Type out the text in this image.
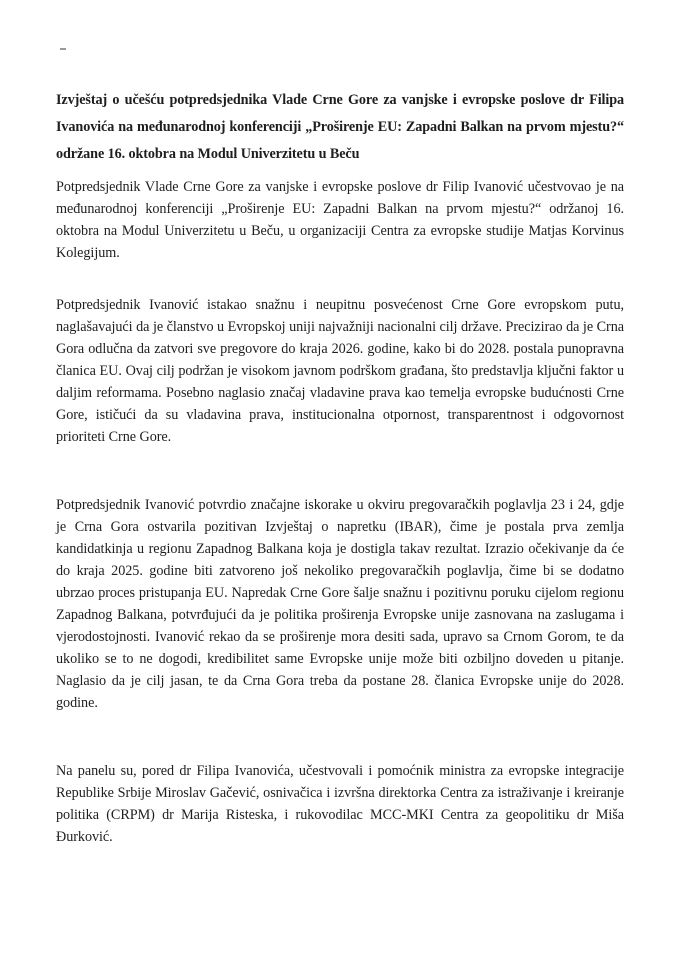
Izvještaj o učešću potpredsjednika Vlade Crne Gore za vanjske i evropske poslove dr Filipa Ivanovića na međunarodnoj konferenciji „Proširenje EU: Zapadni Balkan na prvom mjestu?“ održane 16. oktobra na Modul Univerzitetu u Beču

Potpredsjednik Vlade Crne Gore za vanjske i evropske poslove dr Filip Ivanović učestvovao je na međunarodnoj konferenciji „Proširenje EU: Zapadni Balkan na prvom mjestu?“ održanoj 16. oktobra na Modul Univerzitetu u Beču, u organizaciji Centra za evropske studije Matjas Korvinus Kolegijum.

Potpredsjednik Ivanović istakao snažnu i neupitnu posvećenost Crne Gore evropskom putu, naglašavajući da je članstvo u Evropskoj uniji najvažniji nacionalni cilj države. Precizirao da je Crna Gora odlučna da zatvori sve pregovore do kraja 2026. godine, kako bi do 2028. postala punopravna članica EU. Ovaj cilj podržan je visokom javnom podrškom građana, što predstavlja ključni faktor u daljim reformama. Posebno naglasio značaj vladavine prava kao temelja evropske budućnosti Crne Gore, ističući da su vladavina prava, institucionalna otpornost, transparentnost i odgovornost prioriteti Crne Gore.

Potpredsjednik Ivanović potvrdio značajne iskorake u okviru pregovaračkih poglavlja 23 i 24, gdje je Crna Gora ostvarila pozitivan Izvještaj o napretku (IBAR), čime je postala prva zemlja kandidatkinja u regionu Zapadnog Balkana koja je dostigla takav rezultat. Izrazio očekivanje da će do kraja 2025. godine biti zatvoreno još nekoliko pregovaračkih poglavlja, čime bi se dodatno ubrzao proces pristupanja EU. Napredak Crne Gore šalje snažnu i pozitivnu poruku cijelom regionu Zapadnog Balkana, potvrđujući da je politika proširenja Evropske unije zasnovana na zaslugama i vjerodostojnosti. Ivanović rekao da se proširenje mora desiti sada, upravo sa Crnom Gorom, te da ukoliko se to ne dogodi, kredibilitet same Evropske unije može biti ozbiljno doveden u pitanje. Naglasio da je cilj jasan, te da Crna Gora treba da postane 28. članica Evropske unije do 2028. godine.

Na panelu su, pored dr Filipa Ivanovića, učestvovali i pomoćnik ministra za evropske integracije Republike Srbije Miroslav Gačević, osnivačica i izvršna direktorka Centra za istraživanje i kreiranje politika (CRPM) dr Marija Risteska, i rukovodilac MCC-MKI Centra za geopolitiku dr Miša Đurković.
